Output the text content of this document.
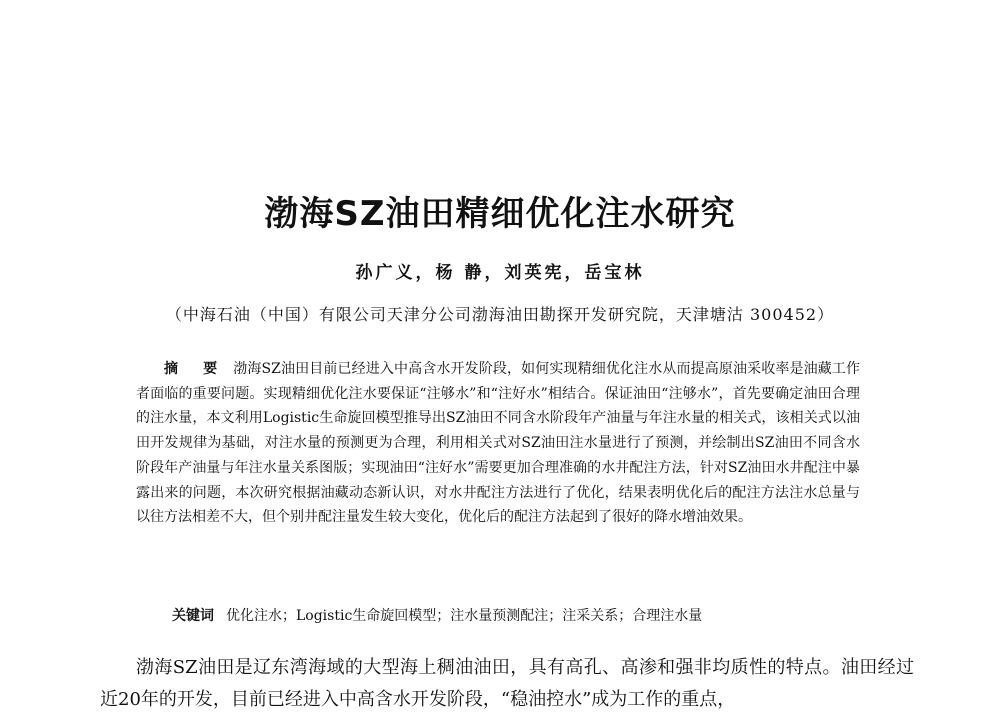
渤海SZ油田精细优化注水研究
孙广义，杨 静，刘英宪，岳宝林
（中海石油（中国）有限公司天津分公司渤海油田勘探开发研究院，天津塘沽 300452）
摘 要 渤海SZ油田目前已经进入中高含水开发阶段，如何实现精细优化注水从而提高原油采收率是油藏工作者面临的重要问题。实现精细优化注水要保证“注够水”和“注好水”相结合。保证油田“注够水”，首先要确定油田合理的注水量，本文利用Logistic生命旋回模型推导出SZ油田不同含水阶段年产油量与年注水量的相关式，该相关式以油田开发规律为基础，对注水量的预测更为合理，利用相关式对SZ油田注水量进行了预测，并绘制出SZ油田不同含水阶段年产油量与年注水量关系图版；实现油田“注好水”需要更加合理准确的水井配注方法，针对SZ油田水井配注中暴露出来的问题，本次研究根据油藏动态新认识，对水井配注方法进行了优化，结果表明优化后的配注方法注水总量与以往方法相差不大，但个别井配注量发生较大变化，优化后的配注方法起到了很好的降水增油效果。
关键词 优化注水；Logistic生命旋回模型；注水量预测配注；注采关系；合理注水量
渤海SZ油田是辽东湾海域的大型海上稠油油田，具有高孔、高渗和强非均质性的特点。油田经过近20年的开发，目前已经进入中高含水开发阶段，“稳油控水”成为工作的重点，
